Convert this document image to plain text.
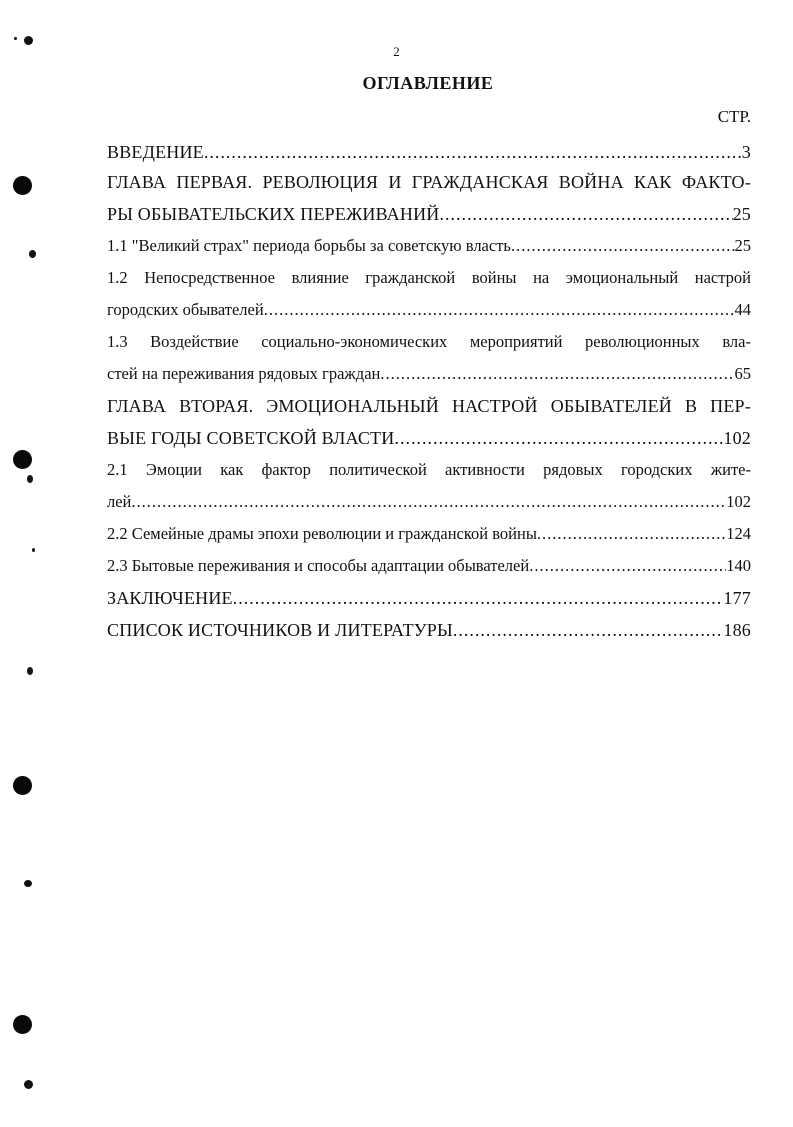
2
ОГЛАВЛЕНИЕ
СТР.
ВВЕДЕНИЕ .....	3
ГЛАВА ПЕРВАЯ. РЕВОЛЮЦИЯ И ГРАЖДАНСКАЯ ВОЙНА КАК ФАКТО-
РЫ ОБЫВАТЕЛЬСКИХ ПЕРЕЖИВАНИЙ .....	25
1.1 "Великий страх" периода борьбы за советскую власть .....	25
1.2 Непосредственное влияние гражданской войны на эмоциональный настрой
городских обывателей .....	44
1.3 Воздействие социально-экономических мероприятий революционных вла-
стей на переживания рядовых граждан .....	65
ГЛАВА ВТОРАЯ. ЭМОЦИОНАЛЬНЫЙ НАСТРОЙ ОБЫВАТЕЛЕЙ В ПЕР-
ВЫЕ ГОДЫ СОВЕТСКОЙ ВЛАСТИ .....	102
2.1 Эмоции как фактор политической активности рядовых городских жите-
лей .....	102
2.2 Семейные драмы эпохи революции и гражданской войны .....	124
2.3 Бытовые переживания и способы адаптации обывателей .....	140
ЗАКЛЮЧЕНИЕ .....	177
СПИСОК ИСТОЧНИКОВ И ЛИТЕРАТУРЫ .....	186
